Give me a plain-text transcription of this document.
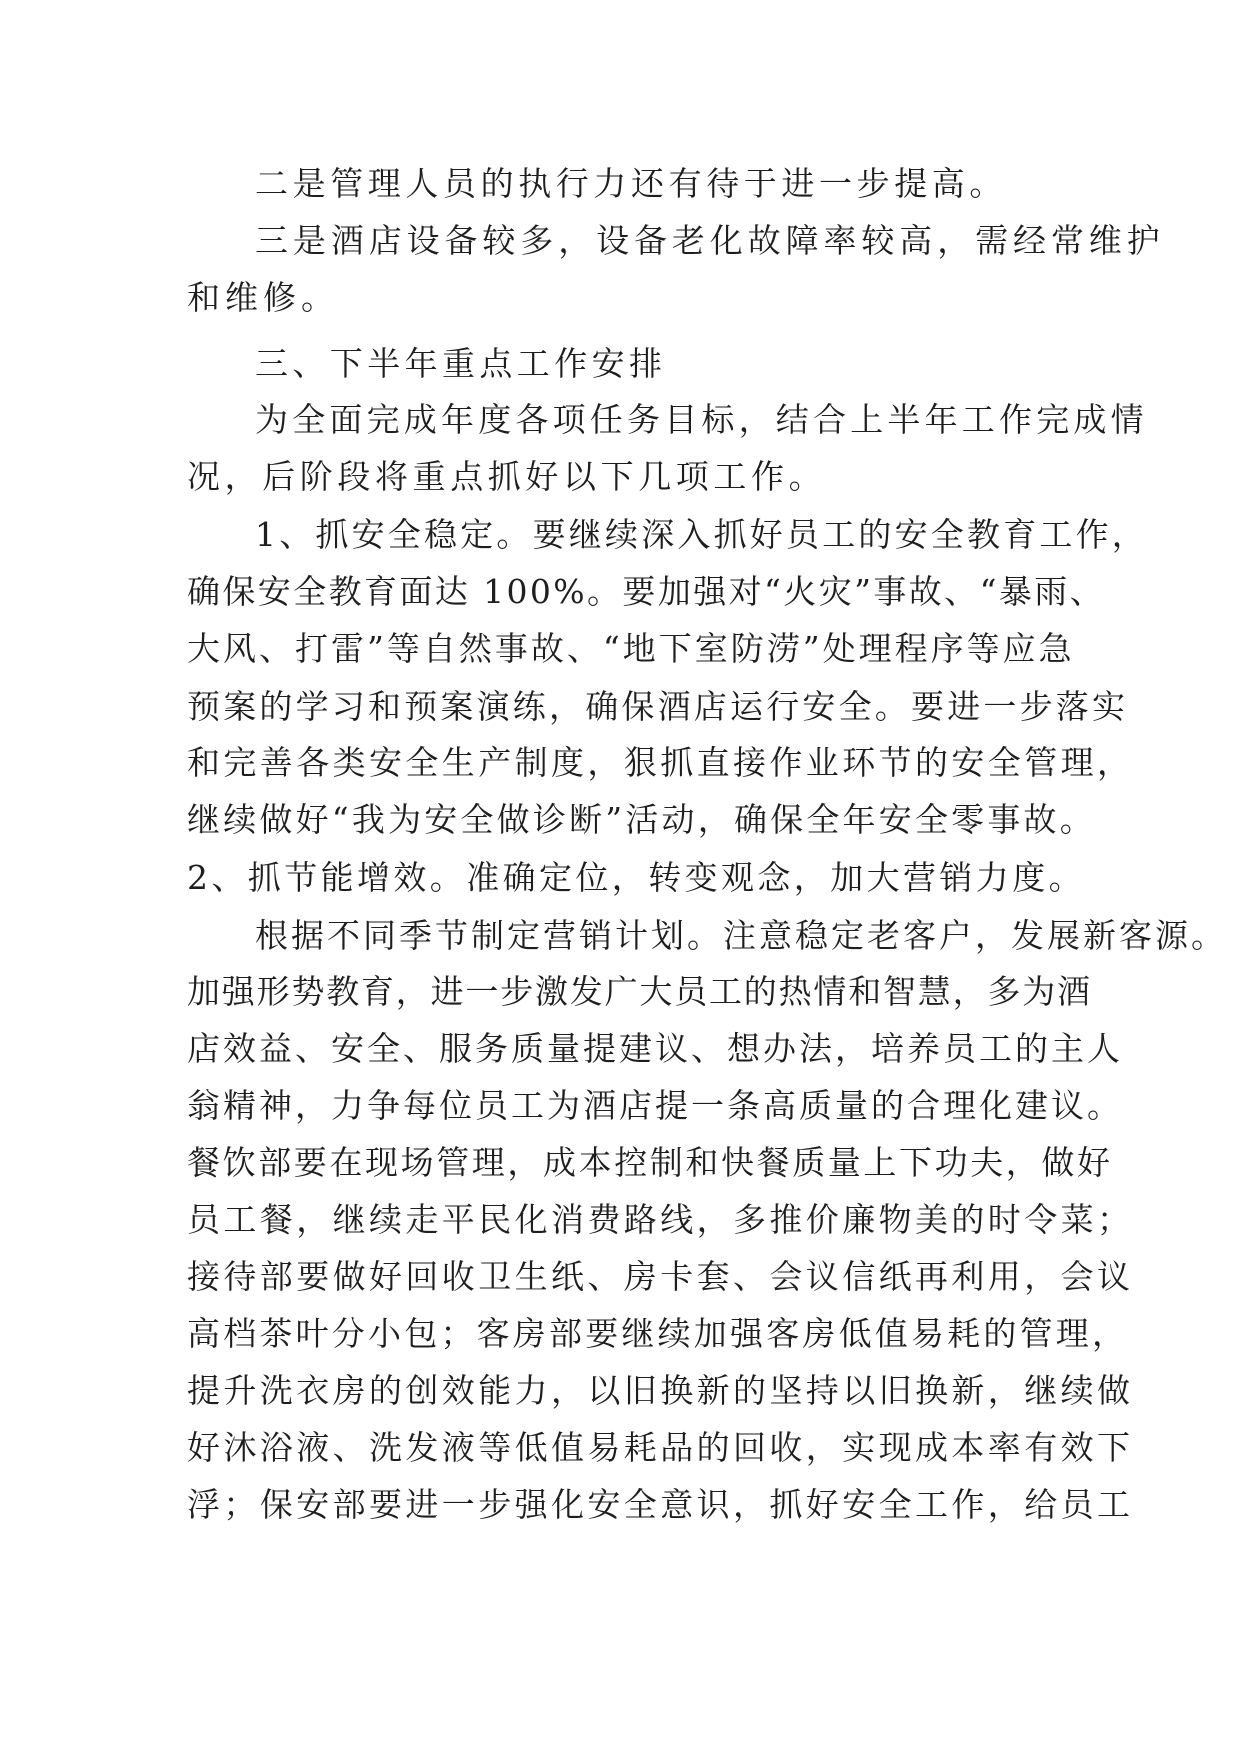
二是管理人员的执行力还有待于进一步提高。

三是酒店设备较多，设备老化故障率较高，需经常维护

和维修。

三、下半年重点工作安排

为全面完成年度各项任务目标，结合上半年工作完成情

况，后阶段将重点抓好以下几项工作。

1、抓安全稳定。要继续深入抓好员工的安全教育工作，

确保安全教育面达 100%。要加强对“火灾”事故、“暴雨、

大风、打雷”等自然事故、“地下室防涝”处理程序等应急

预案的学习和预案演练，确保酒店运行安全。要进一步落实

和完善各类安全生产制度，狠抓直接作业环节的安全管理，

继续做好“我为安全做诊断”活动，确保全年安全零事故。

2、抓节能增效。准确定位，转变观念，加大营销力度。

根据不同季节制定营销计划。注意稳定老客户，发展新客源。

加强形势教育，进一步激发广大员工的热情和智慧，多为酒

店效益、安全、服务质量提建议、想办法，培养员工的主人

翁精神，力争每位员工为酒店提一条高质量的合理化建议。

餐饮部要在现场管理，成本控制和快餐质量上下功夫，做好

员工餐，继续走平民化消费路线，多推价廉物美的时令菜；

接待部要做好回收卫生纸、房卡套、会议信纸再利用，会议

高档茶叶分小包；客房部要继续加强客房低值易耗的管理，

提升洗衣房的创效能力，以旧换新的坚持以旧换新，继续做

好沐浴液、洗发液等低值易耗品的回收，实现成本率有效下

浮；保安部要进一步强化安全意识，抓好安全工作，给员工
